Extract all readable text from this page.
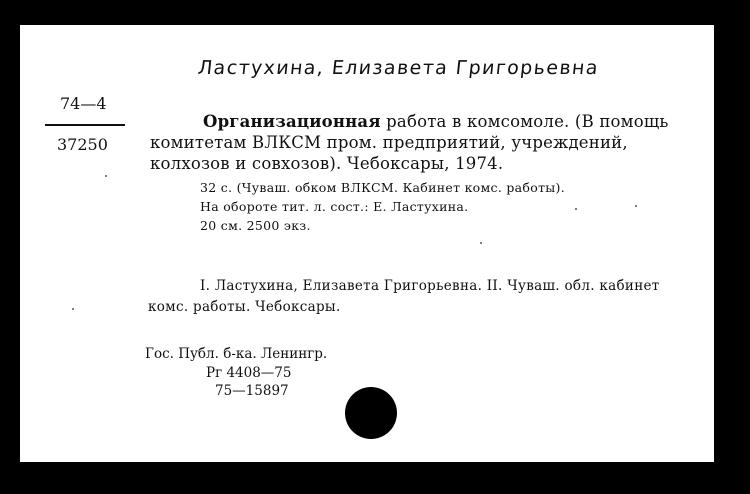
Ластухина, Елизавета Григорьевна
74—4
37250
Организационная работа в комсомоле. (В помощь
комитетам ВЛКСМ пром. предприятий, учреждений,
колхозов и совхозов). Чебоксары, 1974.
32 с. (Чуваш. обком ВЛКСМ. Кабинет комс. работы).
На обороте тит. л. сост.: Е. Ластухина.
20 см. 2500 экз.
I. Ластухина, Елизавета Григорьевна. II. Чуваш. обл. кабинет
комс. работы. Чебоксары.
Гос. Публ. б-ка. Ленингр.
Рг 4408—75
75—15897
